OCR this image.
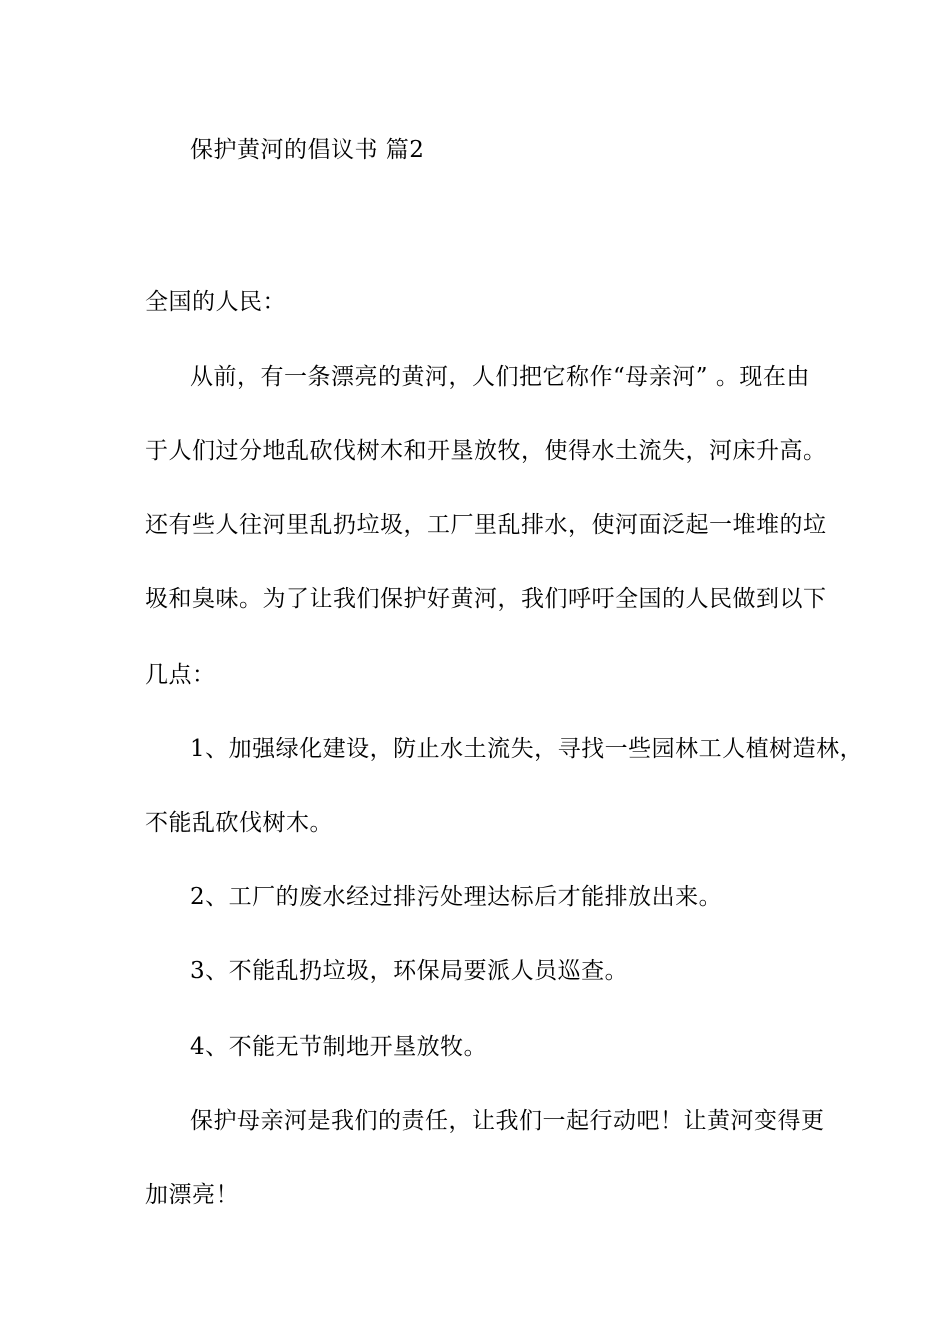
保护黄河的倡议书 篇2
全国的人民：
从前，有一条漂亮的黄河，人们把它称作“母亲河” 。现在由
于人们过分地乱砍伐树木和开垦放牧，使得水土流失，河床升高。
还有些人往河里乱扔垃圾，工厂里乱排水，使河面泛起一堆堆的垃
圾和臭味。为了让我们保护好黄河，我们呼吁全国的人民做到以下
几点：
1、加强绿化建设，防止水土流失，寻找一些园林工人植树造林，
不能乱砍伐树木。
2、工厂的废水经过排污处理达标后才能排放出来。
3、不能乱扔垃圾，环保局要派人员巡查。
4、不能无节制地开垦放牧。
保护母亲河是我们的责任，让我们一起行动吧！让黄河变得更
加漂亮！
